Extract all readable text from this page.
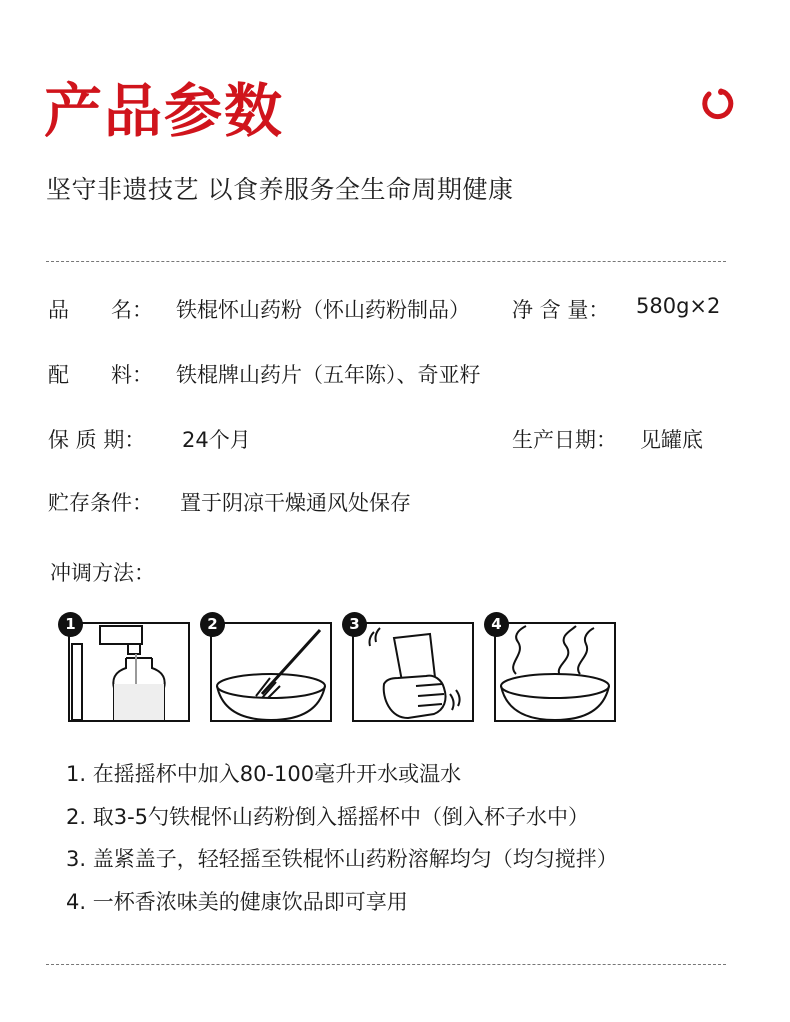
产品参数
坚守非遗技艺 以食养服务全生命周期健康
品　　名： 铁棍怀山药粉（怀山药粉制品） 净 含 量： 580g×2
配　　料： 铁棍牌山药片（五年陈）、奇亚籽
保 质 期： 24个月	生产日期： 见罐底
贮存条件： 置于阴凉干燥通风处保存
冲调方法：
1	2	3	4
1. 在摇摇杯中加入80-100毫升开水或温水
2. 取3-5勺铁棍怀山药粉倒入摇摇杯中（倒入杯子水中）
3. 盖紧盖子，轻轻摇至铁棍怀山药粉溶解均匀（均匀搅拌）
4. 一杯香浓味美的健康饮品即可享用
